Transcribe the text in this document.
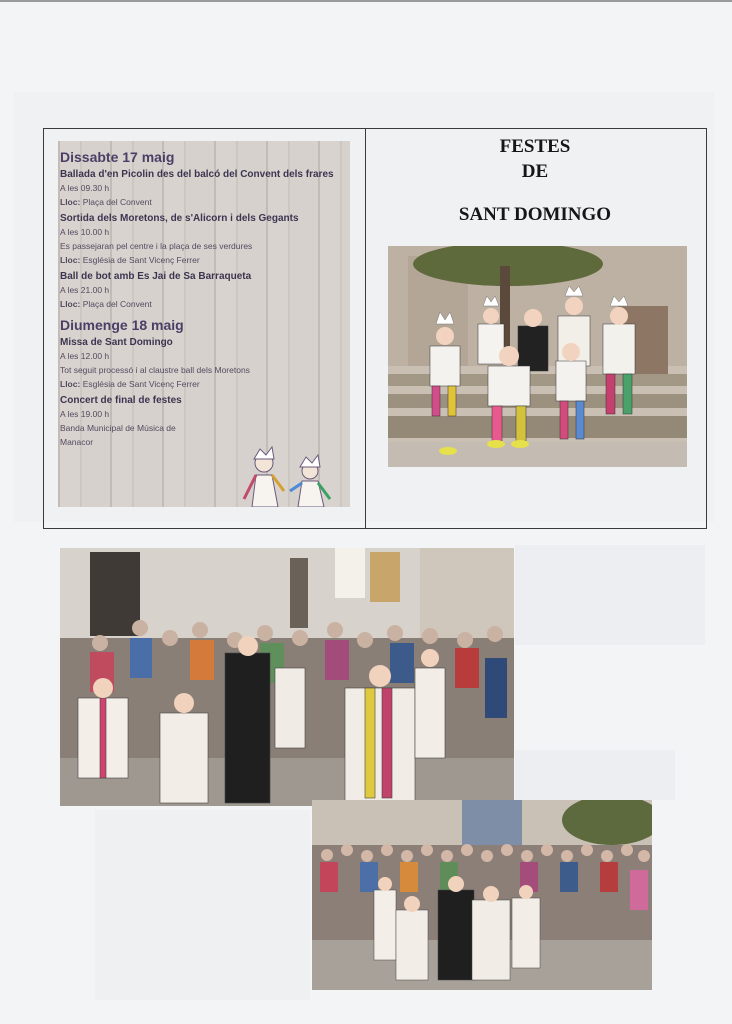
Dissabte 17 maig
Ballada d'en Picolin des del balcó del Convent dels frares
A les 09.30 h
Lloc: Plaça del Convent
Sortida dels Moretons, de s'Alicorn i dels Gegants
A les 10.00 h
Es passejaran pel centre i la plaça de ses verdures
Lloc: Església de Sant Vicenç Ferrer
Ball de bot amb Es Jai de Sa Barraqueta
A les 21.00 h
Lloc: Plaça del Convent
Diumenge 18 maig
Missa de Sant Domingo
A les 12.00 h
Tot seguit processó i al claustre ball dels Moretons
Lloc: Església de Sant Vicenç Ferrer
Concert de final de festes
A les 19.00 h
Banda Municipal de Música de Manacor
FESTES
DE
SANT DOMINGO
